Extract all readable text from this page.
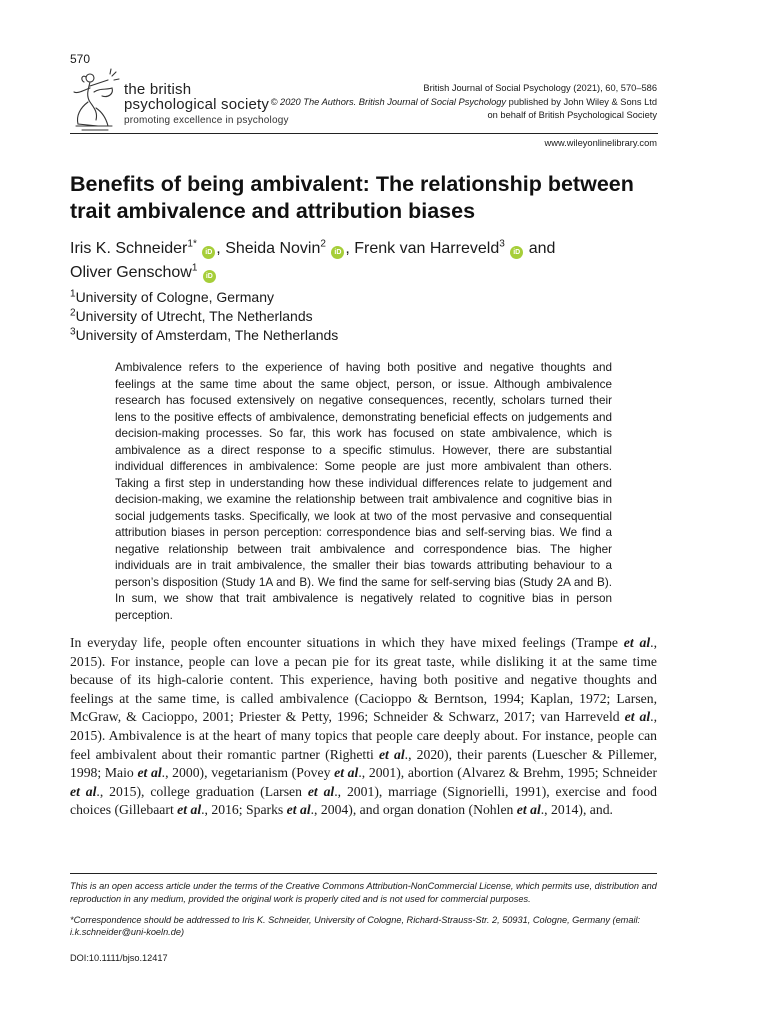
570
the british
psychological society
promoting excellence in psychology
British Journal of Social Psychology (2021), 60, 570–586
© 2020 The Authors. British Journal of Social Psychology published by John Wiley & Sons Ltd
on behalf of British Psychological Society
www.wileyonlinelibrary.com
Benefits of being ambivalent: The relationship between trait ambivalence and attribution biases
Iris K. Schneider$^{1*}$ iD , Sheida Novin$^2$ iD , Frenk van Harreveld$^3$ iD and
Oliver Genschow$^1$ iD
$^1$University of Cologne, Germany
$^2$University of Utrecht, The Netherlands
$^3$University of Amsterdam, The Netherlands
Ambivalence refers to the experience of having both positive and negative thoughts and feelings at the same time about the same object, person, or issue. Although ambivalence research has focused extensively on negative consequences, recently, scholars turned their lens to the positive effects of ambivalence, demonstrating beneficial effects on judgements and decision-making processes. So far, this work has focused on state ambivalence, which is ambivalence as a direct response to a specific stimulus. However, there are substantial individual differences in ambivalence: Some people are just more ambivalent than others. Taking a first step in understanding how these individual differences relate to judgement and decision-making, we examine the relationship between trait ambivalence and cognitive bias in social judgements tasks. Specifically, we look at two of the most pervasive and consequential attribution biases in person perception: correspondence bias and self-serving bias. We find a negative relationship between trait ambivalence and correspondence bias. The higher individuals are in trait ambivalence, the smaller their bias towards attributing behaviour to a person’s disposition (Study 1A and B). We find the same for self-serving bias (Study 2A and B). In sum, we show that trait ambivalence is negatively related to cognitive bias in person perception.
In everyday life, people often encounter situations in which they have mixed feelings (Trampe et al., 2015). For instance, people can love a pecan pie for its great taste, while disliking it at the same time because of its high-calorie content. This experience, having both positive and negative thoughts and feelings at the same time, is called ambivalence (Cacioppo & Berntson, 1994; Kaplan, 1972; Larsen, McGraw, & Cacioppo, 2001; Priester & Petty, 1996; Schneider & Schwarz, 2017; van Harreveld et al., 2015). Ambivalence is at the heart of many topics that people care deeply about. For instance, people can feel ambivalent about their romantic partner (Righetti et al., 2020), their parents (Luescher & Pillemer, 1998; Maio et al., 2000), vegetarianism (Povey et al., 2001), abortion (Alvarez & Brehm, 1995; Schneider et al., 2015), college graduation (Larsen et al., 2001), marriage (Signorielli, 1991), exercise and food choices (Gillebaart et al., 2016; Sparks et al., 2004), and organ donation (Nohlen et al., 2014), and.

This is an open access article under the terms of the Creative Commons Attribution-NonCommercial License, which permits use, distribution and reproduction in any medium, provided the original work is properly cited and is not used for commercial purposes.

*Correspondence should be addressed to Iris K. Schneider, University of Cologne, Richard-Strauss-Str. 2, 50931, Cologne, Germany (email: i.k.schneider@uni-koeln.de)

DOI:10.1111/bjso.12417
